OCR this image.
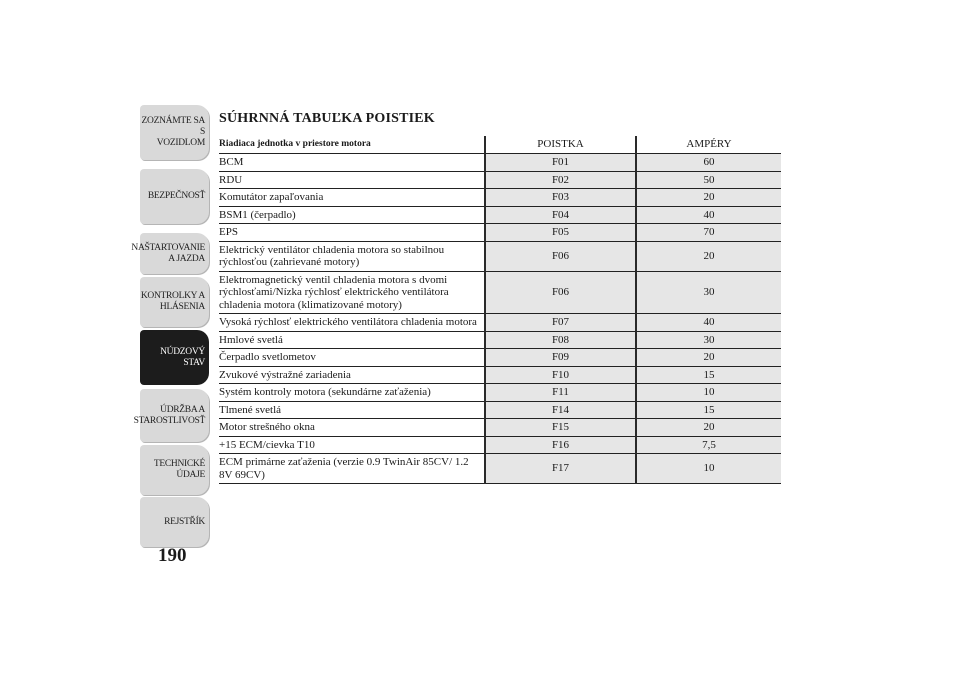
ZOZNÁMTE SA S
VOZIDLOM
BEZPEČNOSŤ
NAŠTARTOVANIE
A JAZDA
KONTROLKY A
HLÁSENIA
NÚDZOVÝ STAV
ÚDRŽBA A
STAROSTLIVOSŤ
TECHNICKÉ
ÚDAJE
REJSTŘÍK
190
SÚHRNNÁ TABUĽKA POISTIEK
Riadiaca jednotka v priestore motora	POISTKA	AMPÉRY
BCM	F01	60
RDU	F02	50
Komutátor zapaľovania	F03	20
BSM1 (čerpadlo)	F04	40
EPS	F05	70
Elektrický ventilátor chladenia motora so stabilnou rýchlosťou (zahrievané motory)	F06	20
Elektromagnetický ventil chladenia motora s dvomi rýchlosťami/Nízka rýchlosť elektrického ventilátora chladenia motora (klimatizované motory)	F06	30
Vysoká rýchlosť elektrického ventilátora chladenia motora	F07	40
Hmlové svetlá	F08	30
Čerpadlo svetlometov	F09	20
Zvukové výstražné zariadenia	F10	15
Systém kontroly motora (sekundárne zaťaženia)	F11	10
Tlmené svetlá	F14	15
Motor strešného okna	F15	20
+15 ECM/cievka T10	F16	7,5
ECM primárne zaťaženia (verzie 0.9 TwinAir 85CV/ 1.2 8V 69CV)	F17	10
